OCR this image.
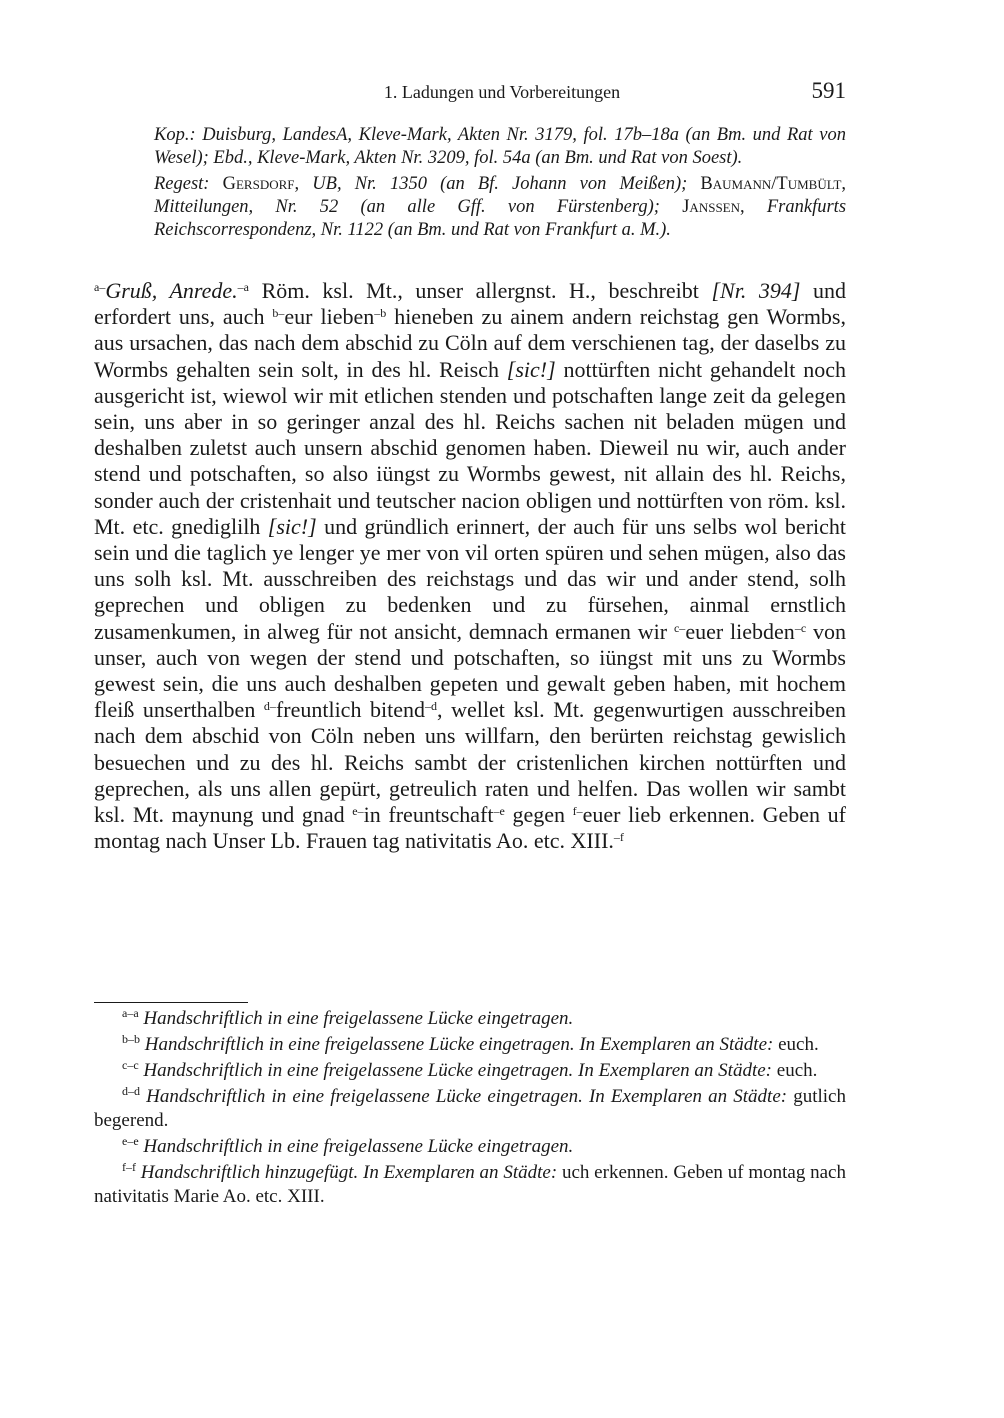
1. Ladungen und Vorbereitungen	591

Kop.: Duisburg, LandesA, Kleve-Mark, Akten Nr. 3179, fol. 17b–18a (an Bm. und Rat von Wesel); Ebd., Kleve-Mark, Akten Nr. 3209, fol. 54a (an Bm. und Rat von Soest).

Regest: Gersdorf, UB, Nr. 1350 (an Bf. Johann von Meißen); Baumann/Tumbült, Mitteilungen, Nr. 52 (an alle Gff. von Fürstenberg); Janssen, Frankfurts Reichscorrespondenz, Nr. 1122 (an Bm. und Rat von Frankfurt a. M.).

$^{a-}$Gruß, Anrede.$^{-a}$ Röm. ksl. Mt., unser allergnst. H., beschreibt [Nr. 394] und erfordert uns, auch $^{b-}$eur lieben$^{-b}$ hieneben zu ainem andern reichstag gen Wormbs, aus ursachen, das nach dem abschid zu Cöln auf dem verschienen tag, der daselbs zu Wormbs gehalten sein solt, in des hl. Reisch [sic!] nottürften nicht gehandelt noch ausgericht ist, wiewol wir mit etlichen stenden und potschaften lange zeit da gelegen sein, uns aber in so geringer anzal des hl. Reichs sachen nit beladen mügen und deshalben zuletst auch unsern abschid genomen haben. Dieweil nu wir, auch ander stend und potschaften, so also iüngst zu Wormbs gewest, nit allain des hl. Reichs, sonder auch der cristenhait und teutscher nacion obligen und nottürften von röm. ksl. Mt. etc. gnediglilh [sic!] und gründlich erinnert, der auch für uns selbs wol bericht sein und die taglich ye lenger ye mer von vil orten spüren und sehen mügen, also das uns solh ksl. Mt. ausschreiben des reichstags und das wir und ander stend, solh geprechen und obligen zu bedenken und zu fürsehen, ainmal ernstlich zusamenkumen, in alweg für not ansicht, demnach ermanen wir $^{c-}$euer liebden$^{-c}$ von unser, auch von wegen der stend und potschaften, so iüngst mit uns zu Wormbs gewest sein, die uns auch deshalben gepeten und gewalt geben haben, mit hochem fleiß unserthalben $^{d-}$freuntlich bitend$^{-d}$, wellet ksl. Mt. gegenwurtigen ausschreiben nach dem abschid von Cöln neben uns willfarn, den berürten reichstag gewislich besuechen und zu des hl. Reichs sambt der cristenlichen kirchen nottürften und geprechen, als uns allen gepürt, getreulich raten und helfen. Das wollen wir sambt ksl. Mt. maynung und gnad $^{e-}$in freuntschaft$^{-e}$ gegen $^{f-}$euer lieb erkennen. Geben uf montag nach Unser Lb. Frauen tag nativitatis Ao. etc. XIII.$^{-f}$

$^{a-a}$ Handschriftlich in eine freigelassene Lücke eingetragen.

$^{b-b}$ Handschriftlich in eine freigelassene Lücke eingetragen. In Exemplaren an Städte: euch.

$^{c-c}$ Handschriftlich in eine freigelassene Lücke eingetragen. In Exemplaren an Städte: euch.

$^{d-d}$ Handschriftlich in eine freigelassene Lücke eingetragen. In Exemplaren an Städte: gutlich begerend.

$^{e-e}$ Handschriftlich in eine freigelassene Lücke eingetragen.

$^{f-f}$ Handschriftlich hinzugefügt. In Exemplaren an Städte: uch erkennen. Geben uf montag nach nativitatis Marie Ao. etc. XIII.
